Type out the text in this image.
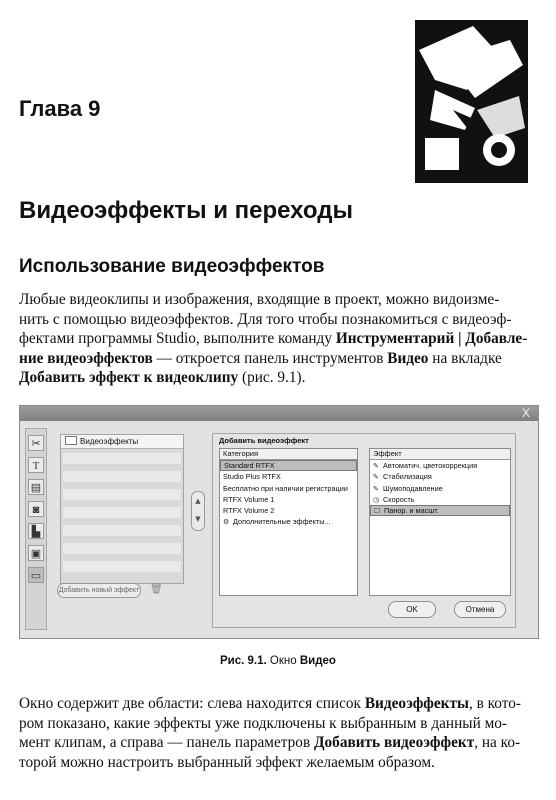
Глава 9
Видеоэффекты и переходы
Использование видеоэффектов
Любые видеоклипы и изображения, входящие в проект, можно видоизме-
нить с помощью видеоэффектов. Для того чтобы познакомиться с видеоэф-
фектами программы Studio, выполните команду Инструментарий | Добавле-
ние видеоэффектов — откроется панель инструментов Видео на вкладке
Добавить эффект к видеоклипу (рис. 9.1).
X
✂
T
▤
◙
▙
▣
▭
Видеоэффекты
▲
▼
Добавить новый эффект 🗑
Добавить видеоэффект
Категория
Standard RTFX
Studio Plus RTFX
Бесплатно при наличии регистрации
RTFX Volume 1
RTFX Volume 2
⚙ Дополнительные эффекты...
Эффект
✎ Автоматич. цветокоррекция
✎ Стабилизация
✎ Шумоподавление
◷ Скорость
☐ Панор. и масшт.
OK	Отмена
Рис. 9.1. Окно Видео
Окно содержит две области: слева находится список Видеоэффекты, в кото-
ром показано, какие эффекты уже подключены к выбранным в данный мо-
мент клипам, а справа — панель параметров Добавить видеоэффект, на ко-
торой можно настроить выбранный эффект желаемым образом.
